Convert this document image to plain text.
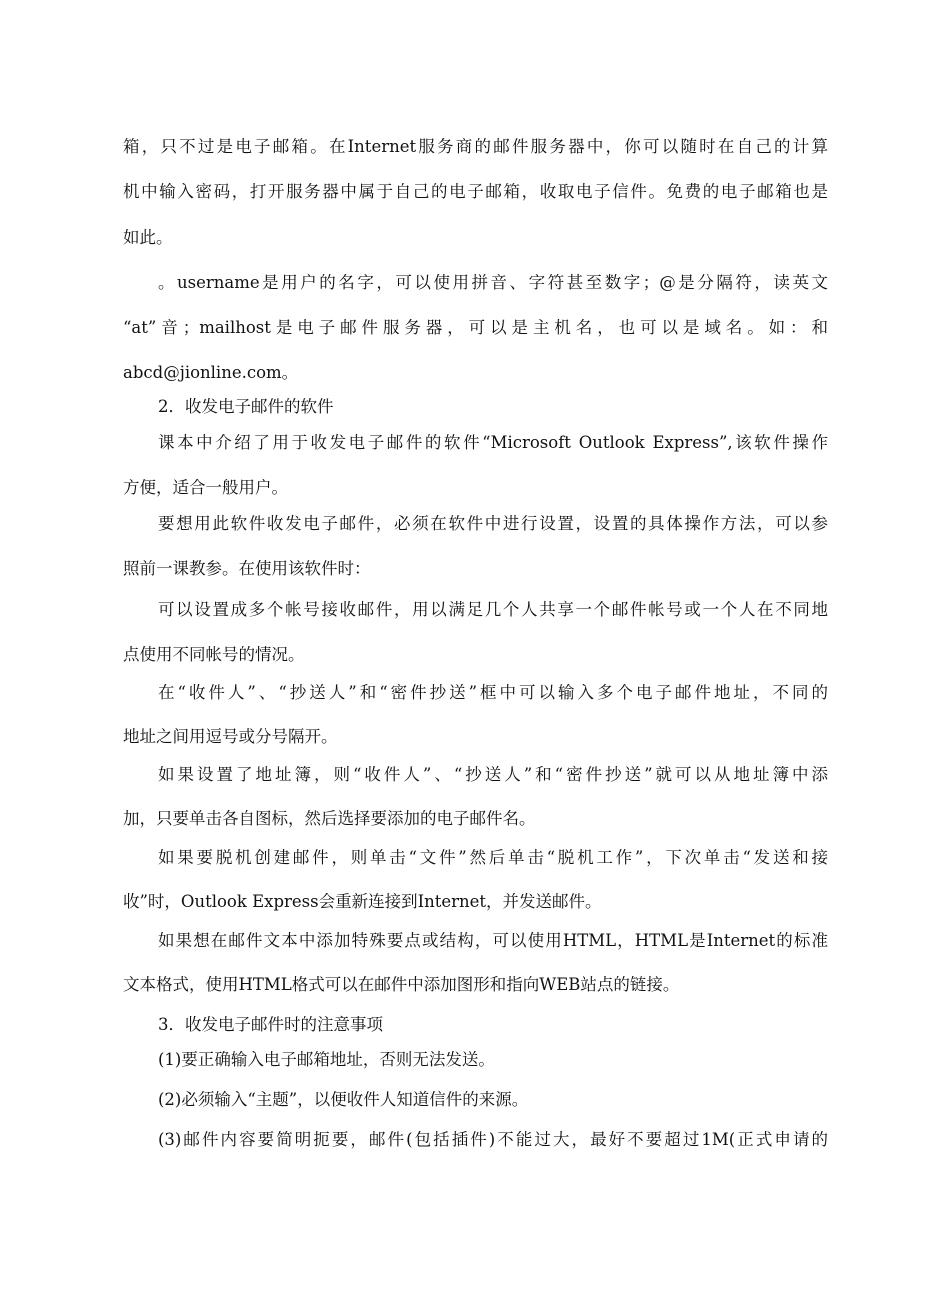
箱，只不过是电子邮箱。在Internet服务商的邮件服务器中，你可以随时在自己的计算
机中输入密码，打开服务器中属于自己的电子邮箱，收取电子信件。免费的电子邮箱也是
如此。
。username是用户的名字，可以使用拼音、字符甚至数字；@是分隔符，读英文
“at”音；mailhost是电子邮件服务器，可以是主机名，也可以是域名。如：和
abcd@jionline.com。
2．收发电子邮件的软件
课本中介绍了用于收发电子邮件的软件“Microsoft Outlook Express”,该软件操作
方便，适合一般用户。
要想用此软件收发电子邮件，必须在软件中进行设置，设置的具体操作方法，可以参
照前一课教参。在使用该软件时：
可以设置成多个帐号接收邮件，用以满足几个人共享一个邮件帐号或一个人在不同地
点使用不同帐号的情况。
在“收件人”、“抄送人”和“密件抄送”框中可以输入多个电子邮件地址，不同的
地址之间用逗号或分号隔开。
如果设置了地址簿，则“收件人”、“抄送人”和“密件抄送”就可以从地址簿中添
加，只要单击各自图标，然后选择要添加的电子邮件名。
如果要脱机创建邮件，则单击“文件”然后单击“脱机工作”，下次单击“发送和接
收”时，Outlook Express会重新连接到Internet，并发送邮件。
如果想在邮件文本中添加特殊要点或结构，可以使用HTML，HTML是Internet的标准
文本格式，使用HTML格式可以在邮件中添加图形和指向WEB站点的链接。
3．收发电子邮件时的注意事项
(1)要正确输入电子邮箱地址，否则无法发送。
(2)必须输入“主题”，以便收件人知道信件的来源。
(3)邮件内容要简明扼要，邮件(包括插件)不能过大，最好不要超过1M(正式申请的
